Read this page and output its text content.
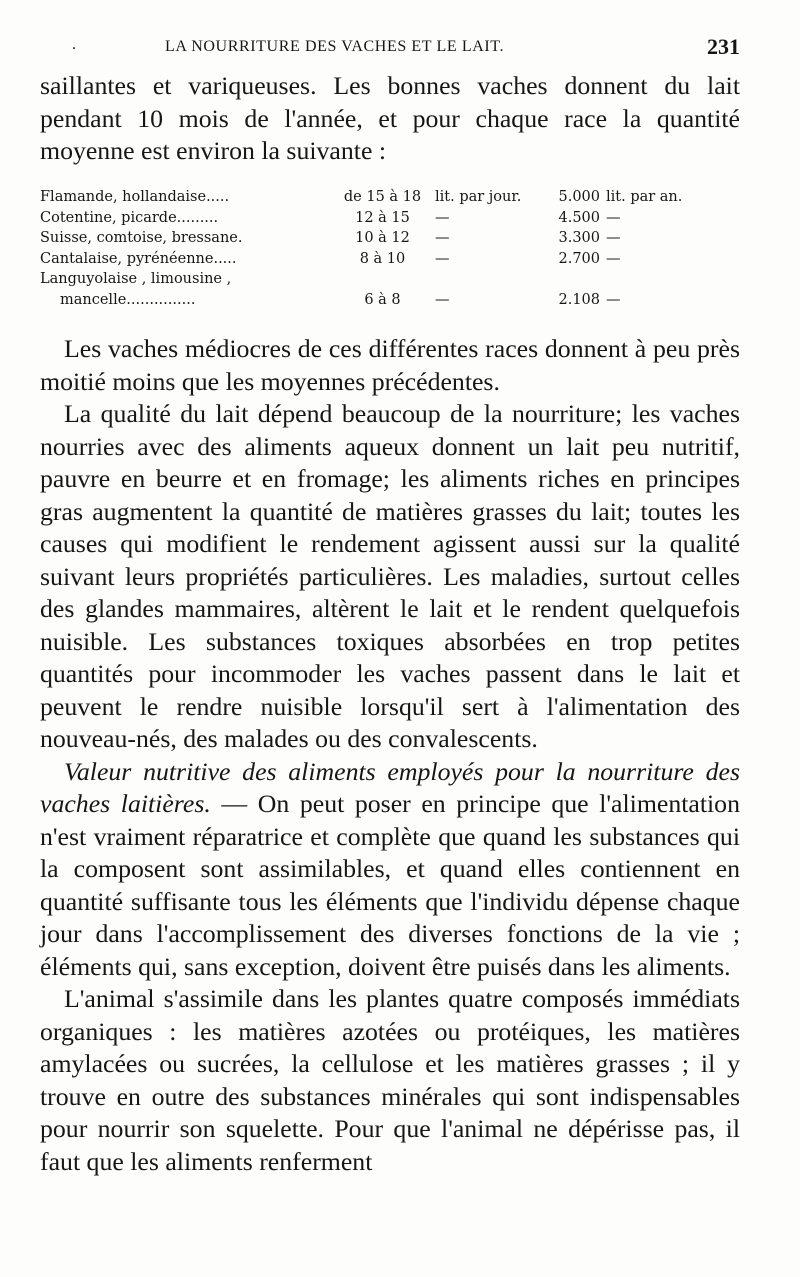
.	LA NOURRITURE DES VACHES ET LE LAIT.	231

saillantes et variqueuses. Les bonnes vaches donnent du lait pendant 10 mois de l'année, et pour chaque race la quantité moyenne est environ la suivante :

Flamande, hollandaise.....	de 15 à 18	lit. par jour.	5.000	lit. par an.
Cotentine, picarde.........	12 à 15	—	4.500	—
Suisse, comtoise, bressane.	10 à 12	—	3.300	—
Cantalaise, pyrénéenne.....	8 à 10	—	2.700	—
Languyolaise , limousine ,				
mancelle...............	6 à 8	—	2.108	—

Les vaches médiocres de ces différentes races donnent à peu près moitié moins que les moyennes précédentes.

La qualité du lait dépend beaucoup de la nourriture; les vaches nourries avec des aliments aqueux donnent un lait peu nutritif, pauvre en beurre et en fromage; les aliments riches en principes gras augmentent la quantité de matières grasses du lait; toutes les causes qui modifient le rendement agissent aussi sur la qualité suivant leurs propriétés particulières. Les maladies, surtout celles des glandes mammaires, altèrent le lait et le rendent quelquefois nuisible. Les substances toxiques absorbées en trop petites quantités pour incommoder les vaches passent dans le lait et peuvent le rendre nuisible lorsqu'il sert à l'alimentation des nouveau-nés, des malades ou des convalescents.

Valeur nutritive des aliments employés pour la nourriture des vaches laitières. — On peut poser en principe que l'alimentation n'est vraiment réparatrice et complète que quand les substances qui la composent sont assimilables, et quand elles contiennent en quantité suffisante tous les éléments que l'individu dépense chaque jour dans l'accomplissement des diverses fonctions de la vie ; éléments qui, sans exception, doivent être puisés dans les aliments.

L'animal s'assimile dans les plantes quatre composés immédiats organiques : les matières azotées ou protéiques, les matières amylacées ou sucrées, la cellulose et les matières grasses ; il y trouve en outre des substances minérales qui sont indispensables pour nourrir son squelette. Pour que l'animal ne dépérisse pas, il faut que les aliments renferment
